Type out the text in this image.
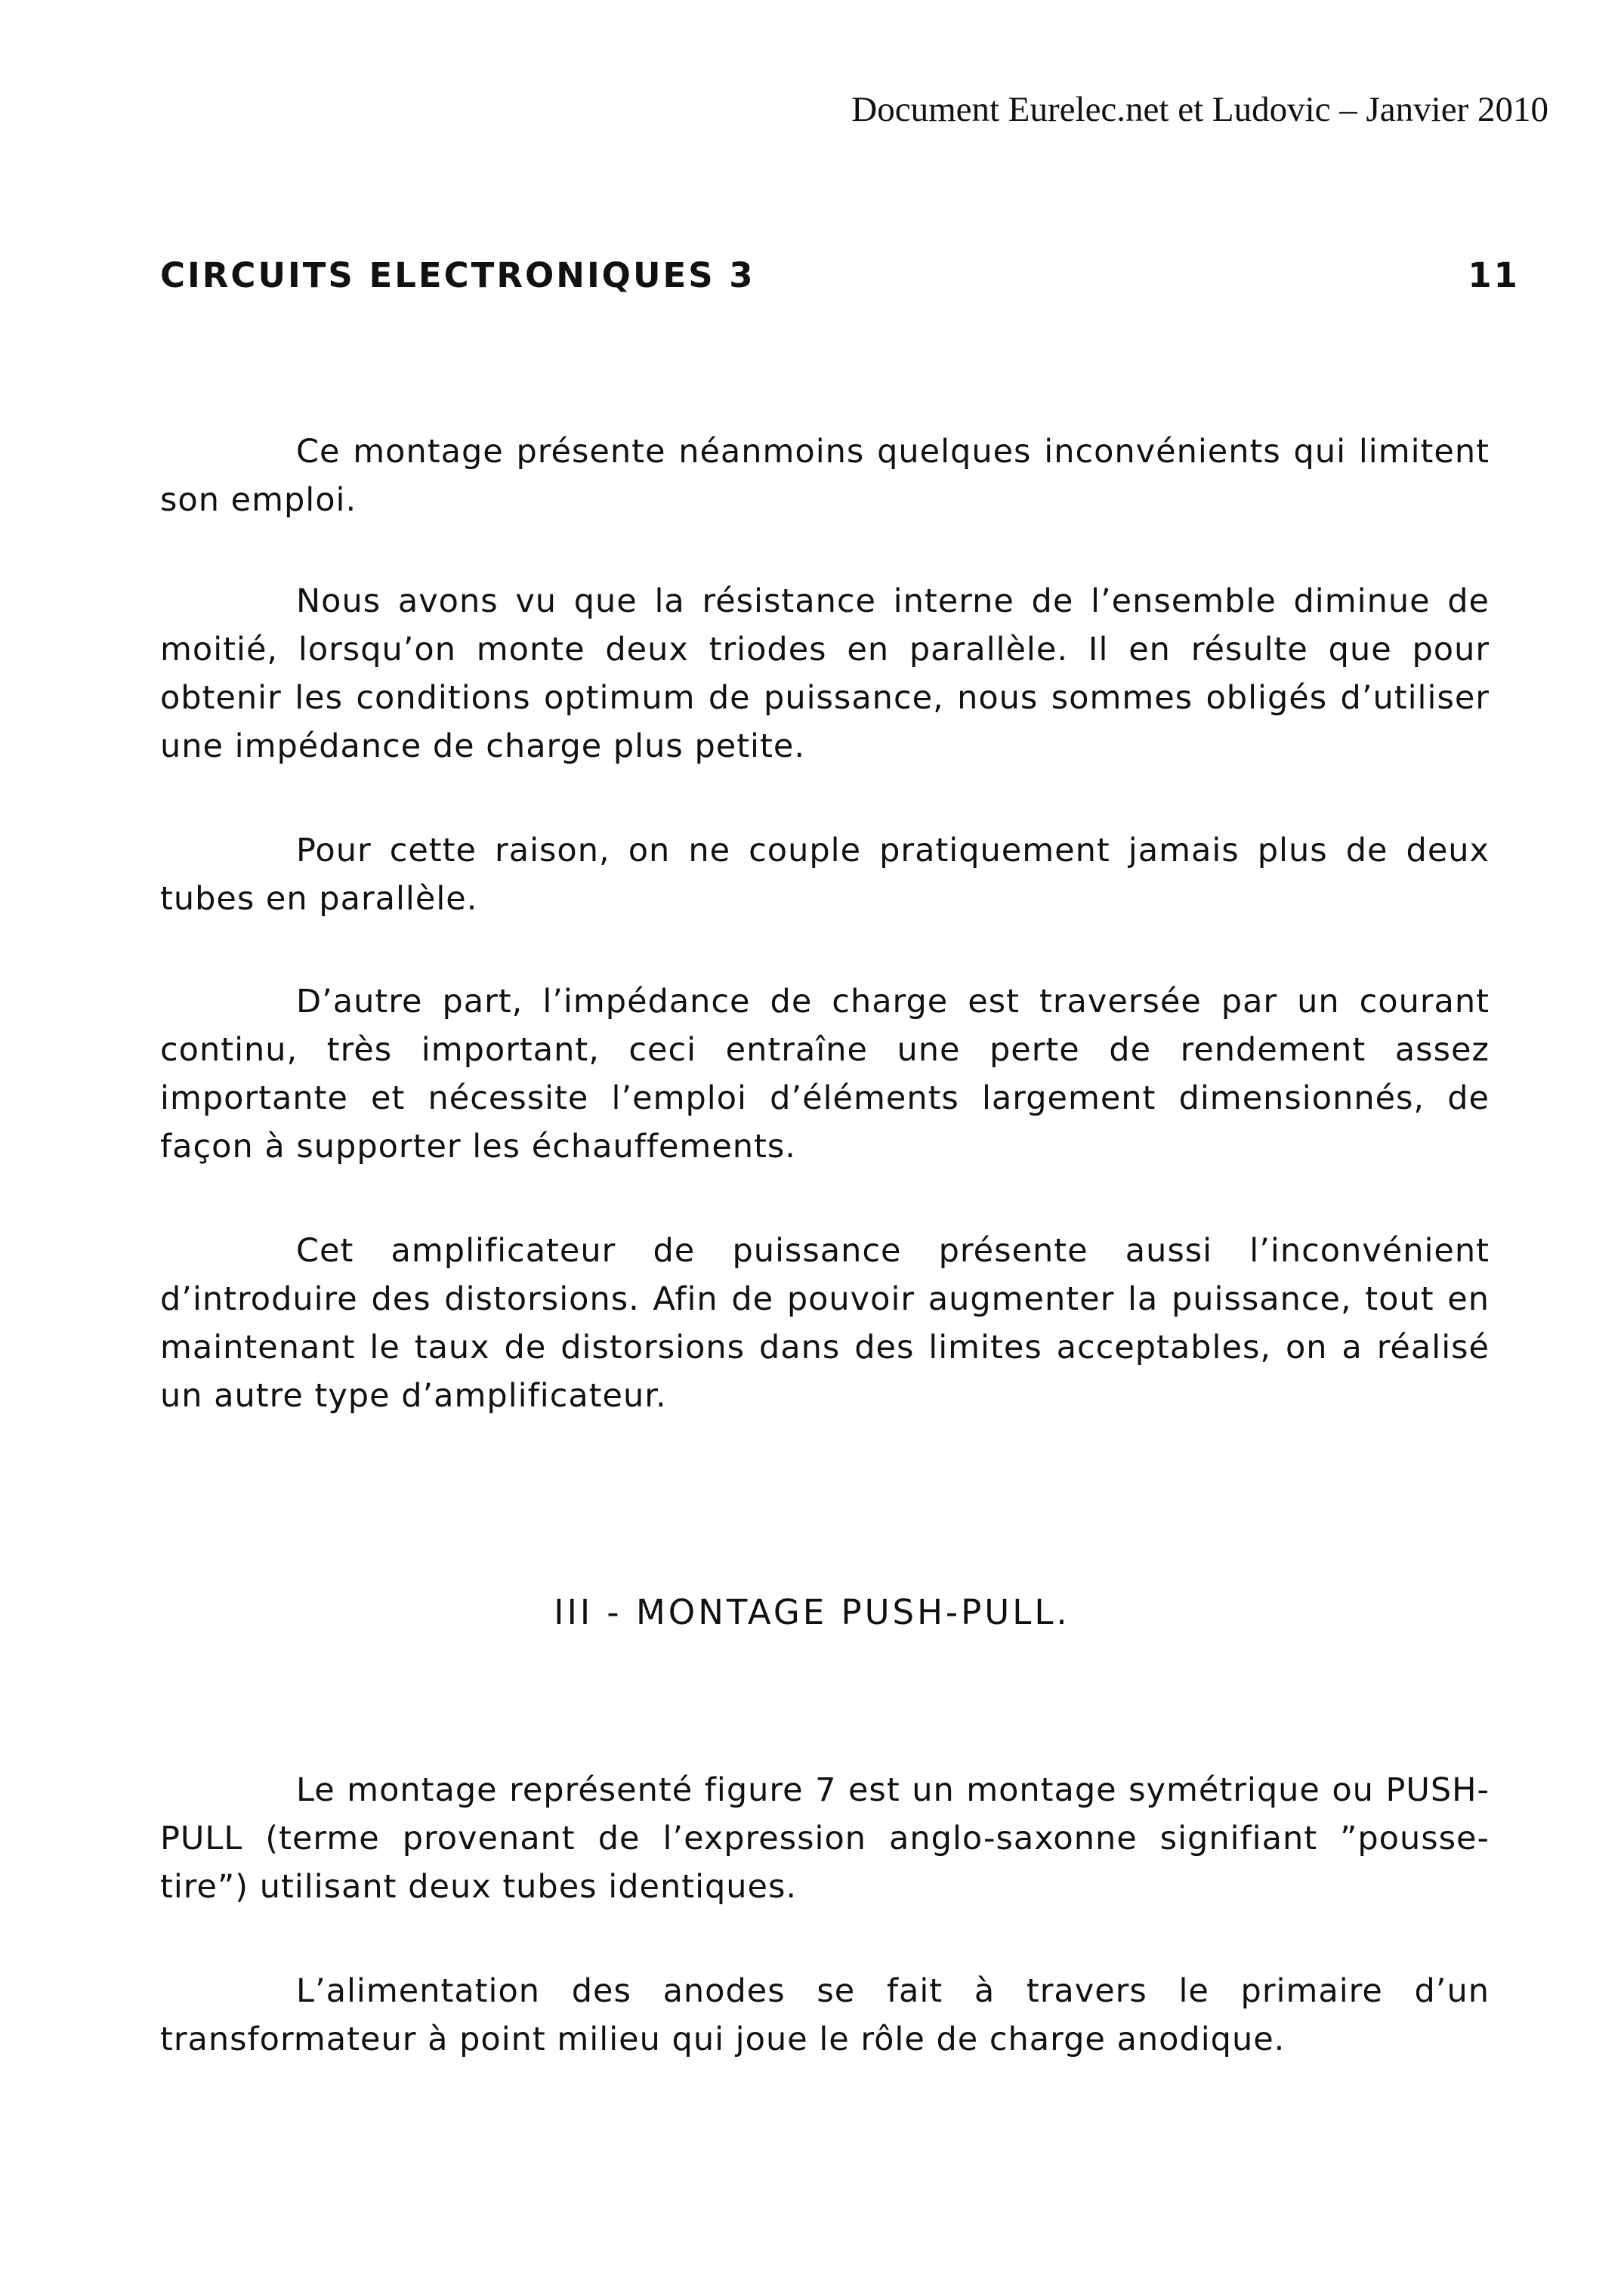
Document Eurelec.net et Ludovic – Janvier 2010
CIRCUITS ELECTRONIQUES 3	11

Ce montage présente néanmoins quelques inconvénients qui limitent son emploi.

Nous avons vu que la résistance interne de l’ensemble diminue de moitié, lorsqu’on monte deux triodes en parallèle. Il en résulte que pour obtenir les conditions optimum de puissance, nous sommes obligés d’utiliser une impédance de charge plus petite.

Pour cette raison, on ne couple pratiquement jamais plus de deux tubes en parallèle.

D’autre part, l’impédance de charge est traversée par un courant continu, très important, ceci entraîne une perte de rendement assez importante et nécessite l’emploi d’éléments largement dimensionnés, de façon à supporter les échauffements.

Cet amplificateur de puissance présente aussi l’inconvénient d’introduire des distorsions. Afin de pouvoir augmenter la puissance, tout en maintenant le taux de distorsions dans des limites acceptables, on a réalisé un autre type d’amplificateur.

III - MONTAGE PUSH-PULL.

Le montage représenté figure 7 est un montage symétrique ou PUSH-PULL (terme provenant de l’expression anglo-saxonne signifiant ”pousse-tire”) utilisant deux tubes identiques.

L’alimentation des anodes se fait à travers le primaire d’un transformateur à point milieu qui joue le rôle de charge anodique.
